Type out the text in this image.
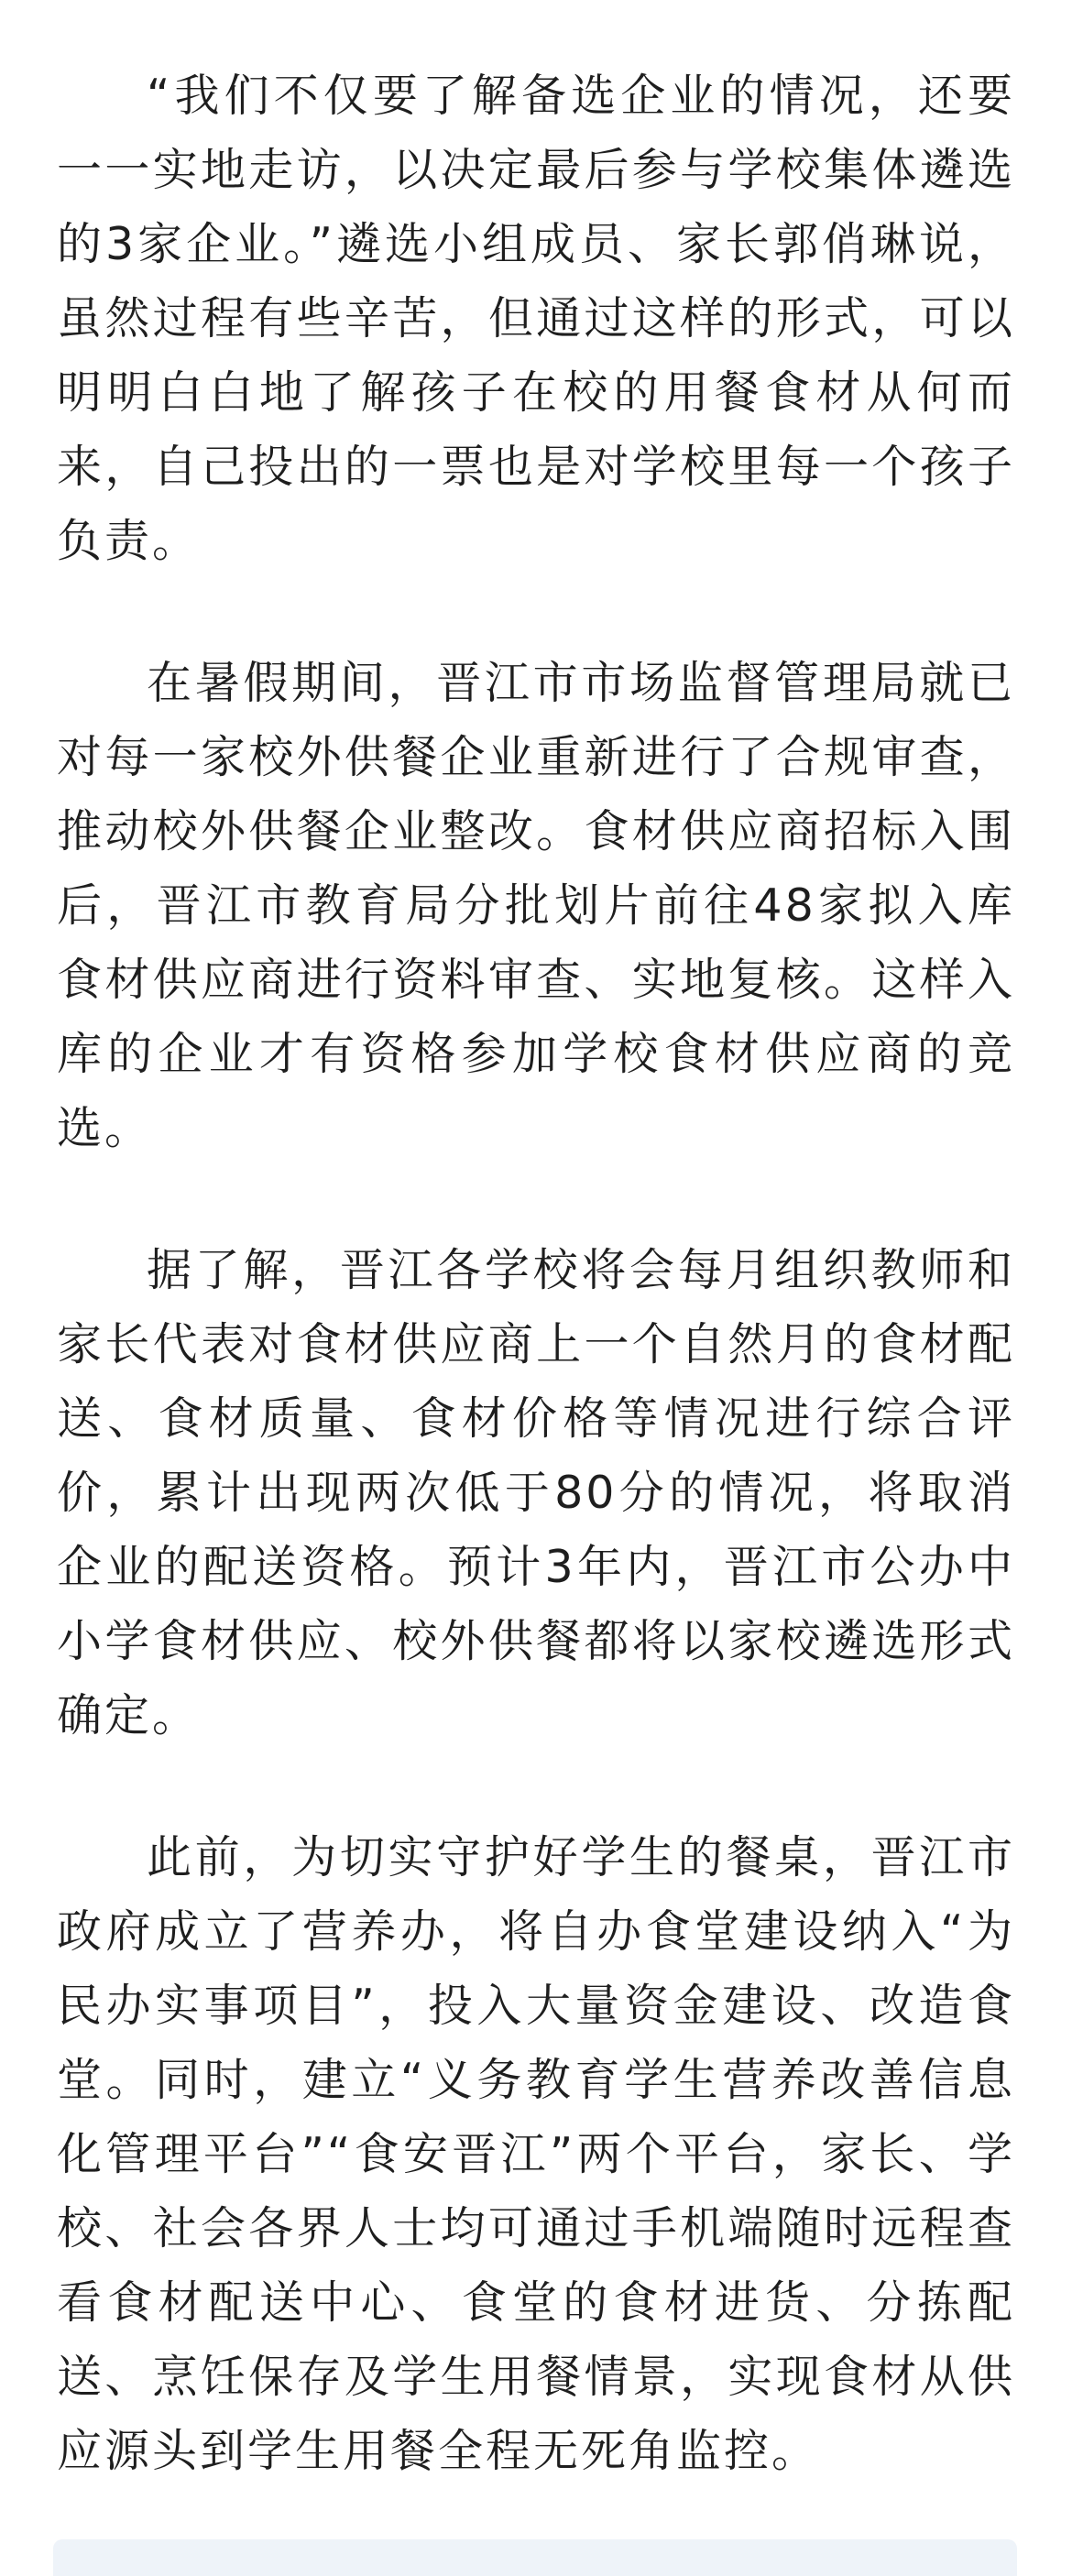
“我们不仅要了解备选企业的情况，还要一一实地走访，以决定最后参与学校集体遴选的3家企业。”遴选小组成员、家长郭俏琳说，虽然过程有些辛苦，但通过这样的形式，可以明明白白地了解孩子在校的用餐食材从何而来，自己投出的一票也是对学校里每一个孩子负责。

在暑假期间，晋江市市场监督管理局就已对每一家校外供餐企业重新进行了合规审查，推动校外供餐企业整改。食材供应商招标入围后，晋江市教育局分批划片前往48家拟入库食材供应商进行资料审查、实地复核。这样入库的企业才有资格参加学校食材供应商的竞选。

据了解，晋江各学校将会每月组织教师和家长代表对食材供应商上一个自然月的食材配送、食材质量、食材价格等情况进行综合评价，累计出现两次低于80分的情况，将取消企业的配送资格。预计3年内，晋江市公办中小学食材供应、校外供餐都将以家校遴选形式确定。

此前，为切实守护好学生的餐桌，晋江市政府成立了营养办，将自办食堂建设纳入“为民办实事项目”，投入大量资金建设、改造食堂。同时，建立“义务教育学生营养改善信息化管理平台”“食安晋江”两个平台，家长、学校、社会各界人士均可通过手机端随时远程查看食材配送中心、食堂的食材进货、分拣配送、烹饪保存及学生用餐情景，实现食材从供应源头到学生用餐全程无死角监控。
